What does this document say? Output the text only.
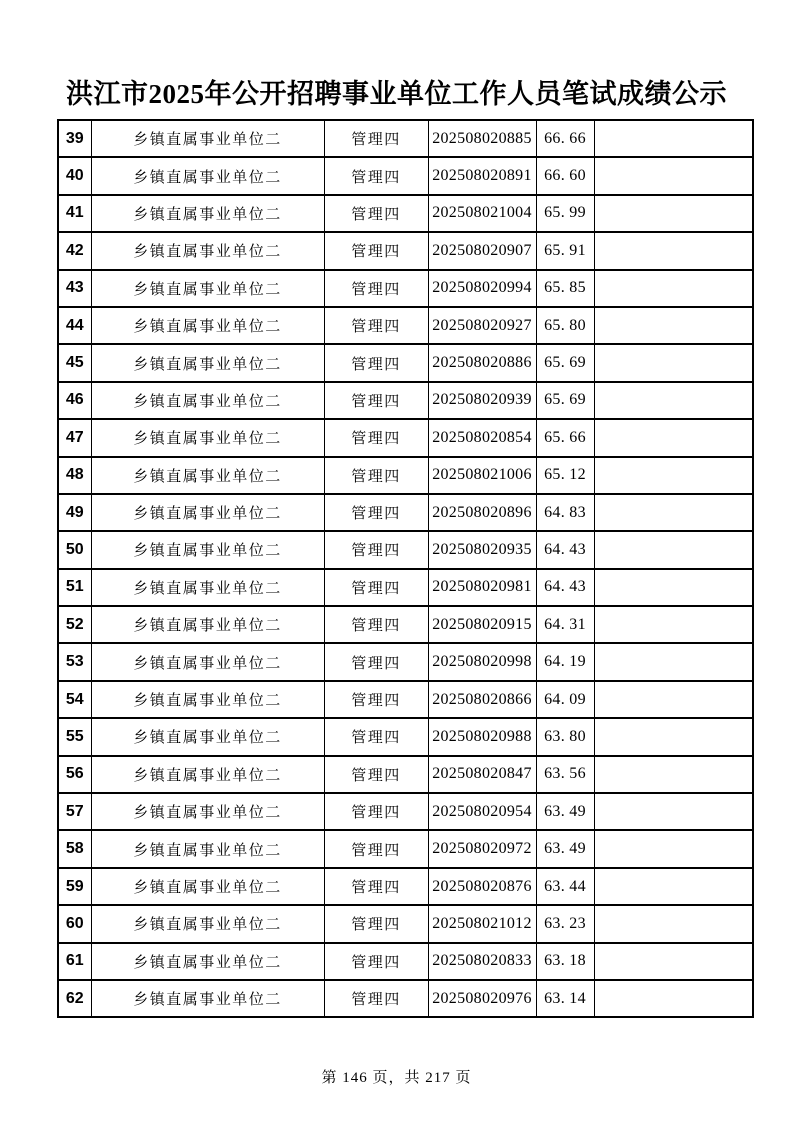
洪江市2025年公开招聘事业单位工作人员笔试成绩公示
39	乡镇直属事业单位二	管理四	202508020885	66. 66	
40	乡镇直属事业单位二	管理四	202508020891	66. 60	
41	乡镇直属事业单位二	管理四	202508021004	65. 99	
42	乡镇直属事业单位二	管理四	202508020907	65. 91	
43	乡镇直属事业单位二	管理四	202508020994	65. 85	
44	乡镇直属事业单位二	管理四	202508020927	65. 80	
45	乡镇直属事业单位二	管理四	202508020886	65. 69	
46	乡镇直属事业单位二	管理四	202508020939	65. 69	
47	乡镇直属事业单位二	管理四	202508020854	65. 66	
48	乡镇直属事业单位二	管理四	202508021006	65. 12	
49	乡镇直属事业单位二	管理四	202508020896	64. 83	
50	乡镇直属事业单位二	管理四	202508020935	64. 43	
51	乡镇直属事业单位二	管理四	202508020981	64. 43	
52	乡镇直属事业单位二	管理四	202508020915	64. 31	
53	乡镇直属事业单位二	管理四	202508020998	64. 19	
54	乡镇直属事业单位二	管理四	202508020866	64. 09	
55	乡镇直属事业单位二	管理四	202508020988	63. 80	
56	乡镇直属事业单位二	管理四	202508020847	63. 56	
57	乡镇直属事业单位二	管理四	202508020954	63. 49	
58	乡镇直属事业单位二	管理四	202508020972	63. 49	
59	乡镇直属事业单位二	管理四	202508020876	63. 44	
60	乡镇直属事业单位二	管理四	202508021012	63. 23	
61	乡镇直属事业单位二	管理四	202508020833	63. 18	
62	乡镇直属事业单位二	管理四	202508020976	63. 14	
第 146 页，共 217 页
